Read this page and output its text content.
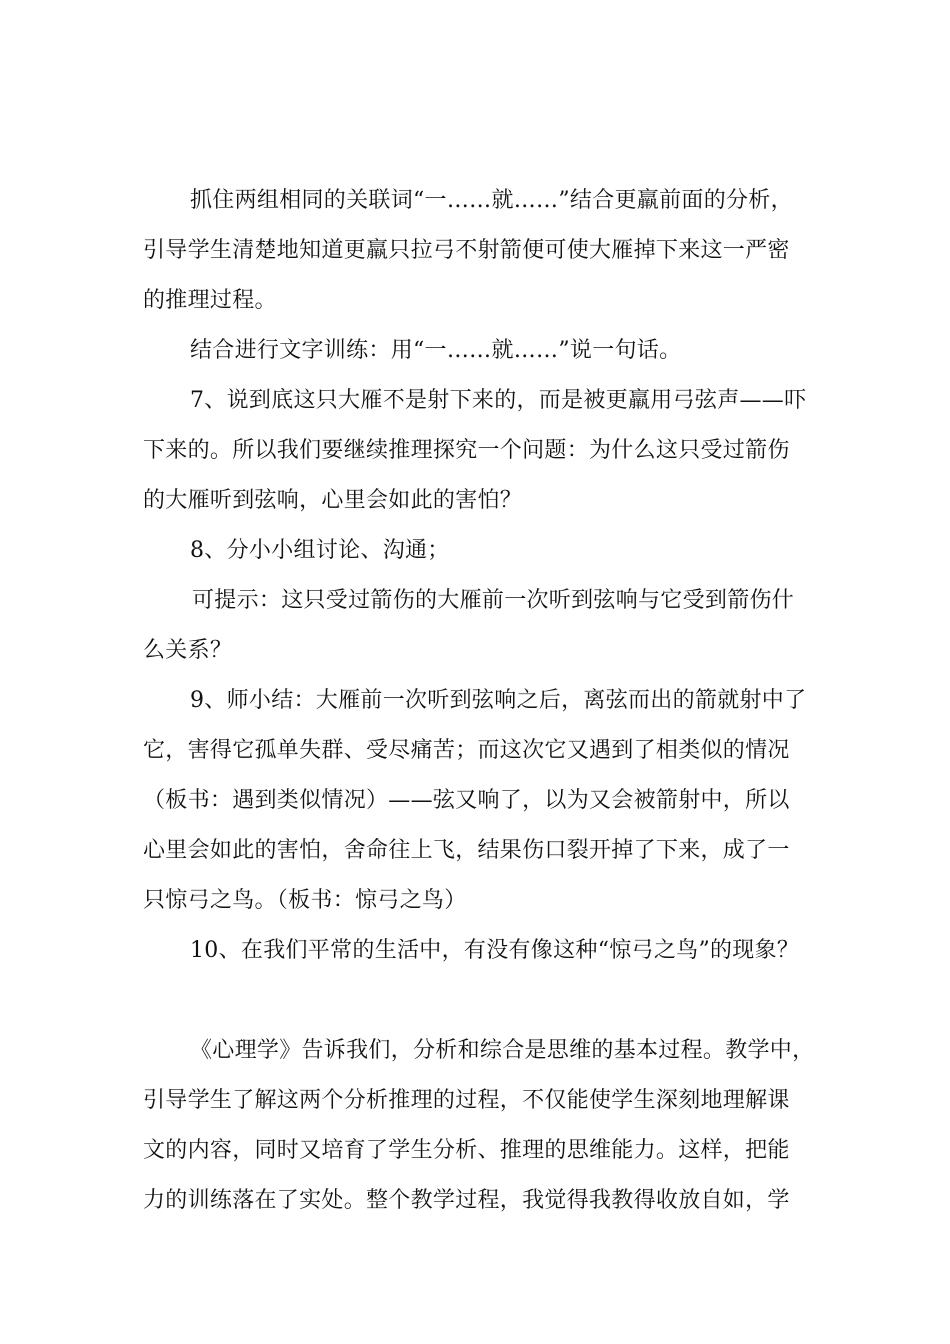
抓住两组相同的关联词“一……就……”结合更羸前面的分析，
引导学生清楚地知道更羸只拉弓不射箭便可使大雁掉下来这一严密
的推理过程。
结合进行文字训练：用“一……就……”说一句话。
7、说到底这只大雁不是射下来的，而是被更羸用弓弦声——吓
下来的。所以我们要继续推理探究一个问题：为什么这只受过箭伤
的大雁听到弦响，心里会如此的害怕？
8、分小小组讨论、沟通；
可提示：这只受过箭伤的大雁前一次听到弦响与它受到箭伤什
么关系？
9、师小结：大雁前一次听到弦响之后，离弦而出的箭就射中了
它，害得它孤单失群、受尽痛苦；而这次它又遇到了相类似的情况
（板书：遇到类似情况）——弦又响了，以为又会被箭射中，所以
心里会如此的害怕，舍命往上飞，结果伤口裂开掉了下来，成了一
只惊弓之鸟。（板书：惊弓之鸟）
10、在我们平常的生活中，有没有像这种“惊弓之鸟”的现象？
《心理学》告诉我们，分析和综合是思维的基本过程。教学中，
引导学生了解这两个分析推理的过程，不仅能使学生深刻地理解课
文的内容，同时又培育了学生分析、推理的思维能力。这样，把能
力的训练落在了实处。整个教学过程，我觉得我教得收放自如，学
